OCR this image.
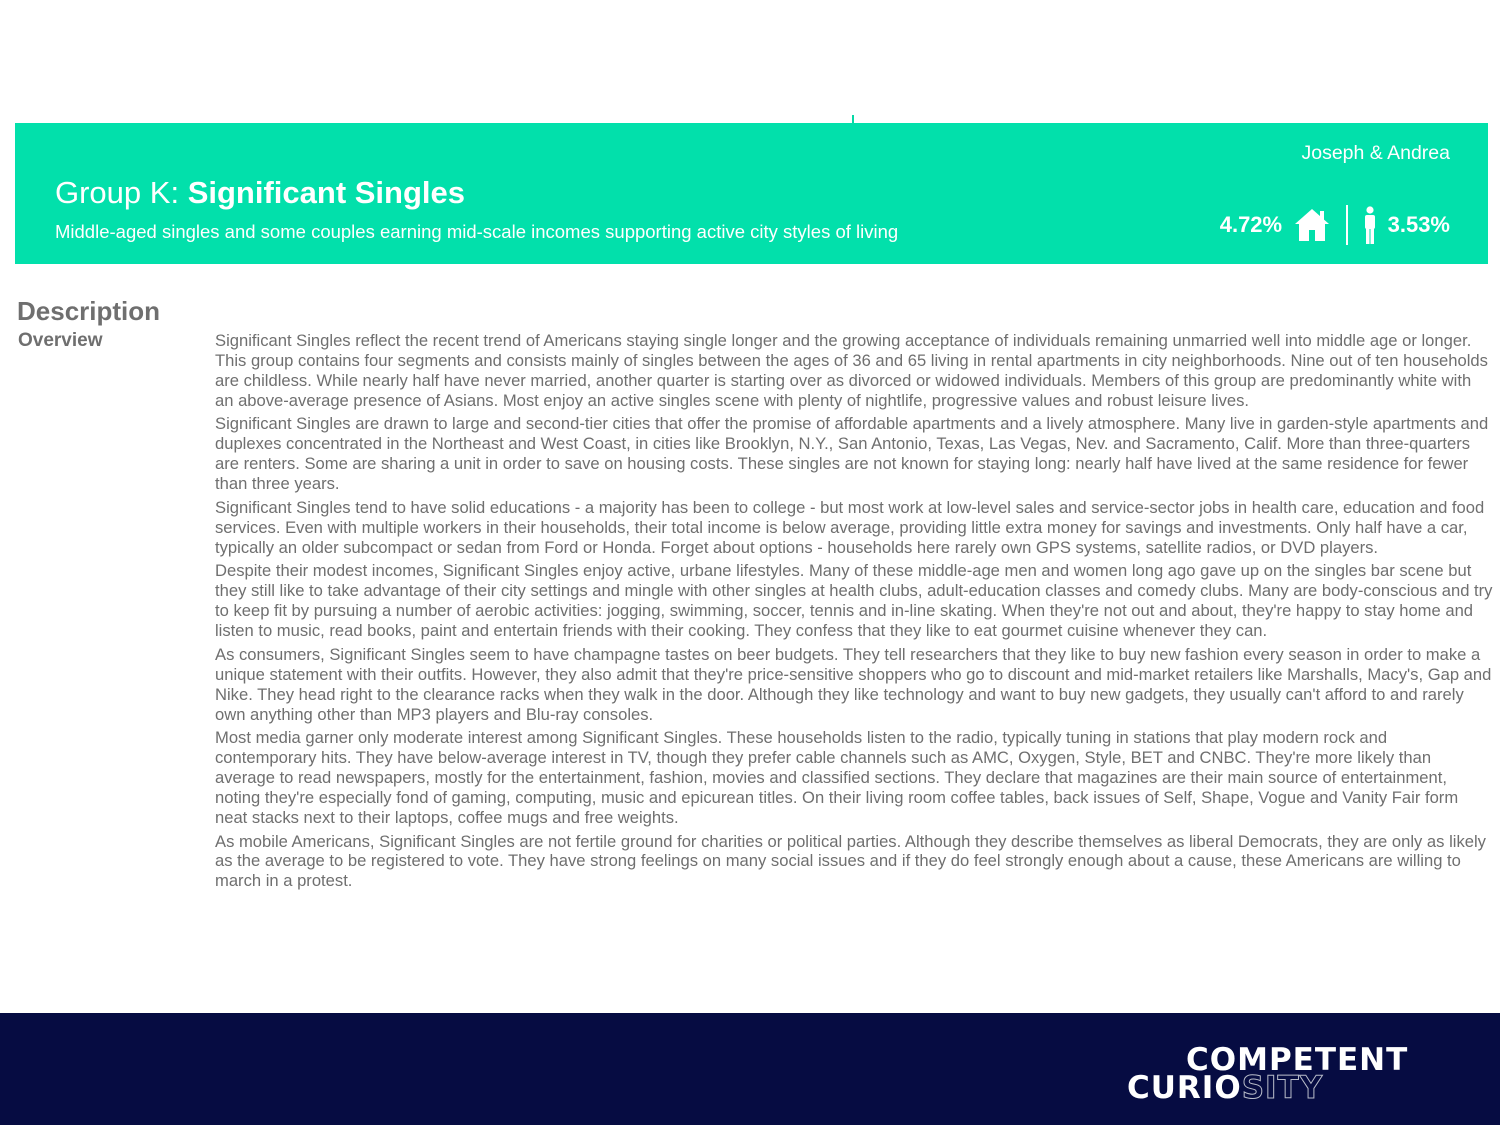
Group K: Significant Singles
Middle-aged singles and some couples earning mid-scale incomes supporting active city styles of living
Joseph & Andrea
4.72%	3.53%
Description
Overview	Significant Singles reflect the recent trend of Americans staying single longer and the growing acceptance of individuals remaining unmarried well into middle age or longer. This group contains four segments and consists mainly of singles between the ages of 36 and 65 living in rental apartments in city neighborhoods. Nine out of ten households are childless. While nearly half have never married, another quarter is starting over as divorced or widowed individuals. Members of this group are predominantly white with an above-average presence of Asians. Most enjoy an active singles scene with plenty of nightlife, progressive values and robust leisure lives.

Significant Singles are drawn to large and second-tier cities that offer the promise of affordable apartments and a lively atmosphere. Many live in garden-style apartments and duplexes concentrated in the Northeast and West Coast, in cities like Brooklyn, N.Y., San Antonio, Texas, Las Vegas, Nev. and Sacramento, Calif. More than three-quarters are renters. Some are sharing a unit in order to save on housing costs. These singles are not known for staying long: nearly half have lived at the same residence for fewer than three years.

Significant Singles tend to have solid educations - a majority has been to college - but most work at low-level sales and service-sector jobs in health care, education and food services. Even with multiple workers in their households, their total income is below average, providing little extra money for savings and investments. Only half have a car, typically an older subcompact or sedan from Ford or Honda. Forget about options - households here rarely own GPS systems, satellite radios, or DVD players.

Despite their modest incomes, Significant Singles enjoy active, urbane lifestyles. Many of these middle-age men and women long ago gave up on the singles bar scene but they still like to take advantage of their city settings and mingle with other singles at health clubs, adult-education classes and comedy clubs. Many are body-conscious and try to keep fit by pursuing a number of aerobic activities: jogging, swimming, soccer, tennis and in-line skating. When they're not out and about, they're happy to stay home and listen to music, read books, paint and entertain friends with their cooking. They confess that they like to eat gourmet cuisine whenever they can.

As consumers, Significant Singles seem to have champagne tastes on beer budgets. They tell researchers that they like to buy new fashion every season in order to make a unique statement with their outfits. However, they also admit that they're price-sensitive shoppers who go to discount and mid-market retailers like Marshalls, Macy's, Gap and Nike. They head right to the clearance racks when they walk in the door. Although they like technology and want to buy new gadgets, they usually can't afford to and rarely own anything other than MP3 players and Blu-ray consoles.

Most media garner only moderate interest among Significant Singles. These households listen to the radio, typically tuning in stations that play modern rock and contemporary hits. They have below-average interest in TV, though they prefer cable channels such as AMC, Oxygen, Style, BET and CNBC. They're more likely than average to read newspapers, mostly for the entertainment, fashion, movies and classified sections. They declare that magazines are their main source of entertainment, noting they're especially fond of gaming, computing, music and epicurean titles. On their living room coffee tables, back issues of Self, Shape, Vogue and Vanity Fair form neat stacks next to their laptops, coffee mugs and free weights.

As mobile Americans, Significant Singles are not fertile ground for charities or political parties. Although they describe themselves as liberal Democrats, they are only as likely as the average to be registered to vote. They have strong feelings on many social issues and if they do feel strongly enough about a cause, these Americans are willing to march in a protest.

COMPETENT
CURIOSITY
